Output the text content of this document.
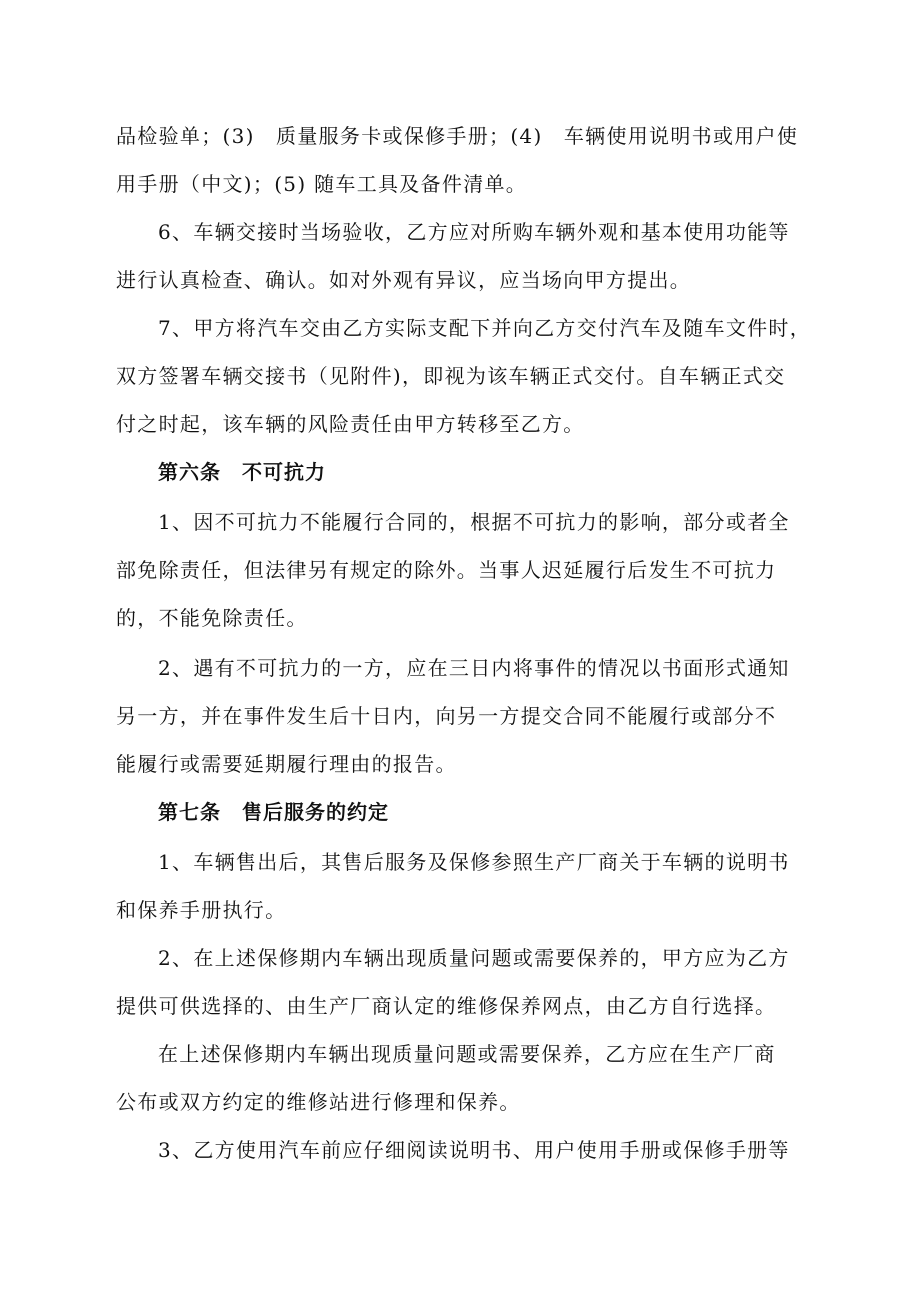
品检验单；(3)　质量服务卡或保修手册；(4)　车辆使用说明书或用户使
用手册（中文)；(5) 随车工具及备件清单。
6、车辆交接时当场验收，乙方应对所购车辆外观和基本使用功能等
进行认真检查、确认。如对外观有异议，应当场向甲方提出。
7、甲方将汽车交由乙方实际支配下并向乙方交付汽车及随车文件时，
双方签署车辆交接书（见附件)，即视为该车辆正式交付。自车辆正式交
付之时起，该车辆的风险责任由甲方转移至乙方。
第六条　不可抗力
1、因不可抗力不能履行合同的，根据不可抗力的影响，部分或者全
部免除责任，但法律另有规定的除外。当事人迟延履行后发生不可抗力
的，不能免除责任。
2、遇有不可抗力的一方，应在三日内将事件的情况以书面形式通知
另一方，并在事件发生后十日内，向另一方提交合同不能履行或部分不
能履行或需要延期履行理由的报告。
第七条　售后服务的约定
1、车辆售出后，其售后服务及保修参照生产厂商关于车辆的说明书
和保养手册执行。
2、在上述保修期内车辆出现质量问题或需要保养的，甲方应为乙方
提供可供选择的、由生产厂商认定的维修保养网点，由乙方自行选择。
在上述保修期内车辆出现质量问题或需要保养，乙方应在生产厂商
公布或双方约定的维修站进行修理和保养。
3、乙方使用汽车前应仔细阅读说明书、用户使用手册或保修手册等
